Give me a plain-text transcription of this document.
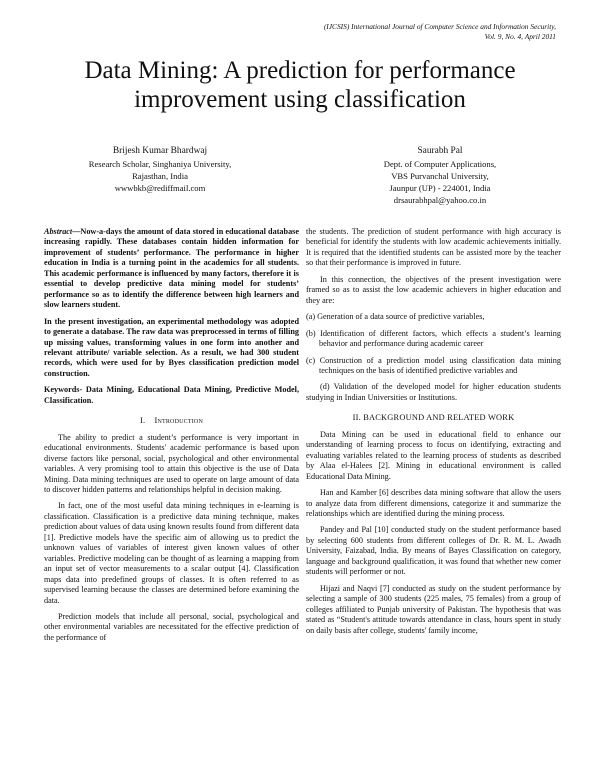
(IJCSIS) International Journal of Computer Science and Information Security,
Vol. 9, No. 4, April 2011
Data Mining: A prediction for performance
improvement using classification
Brijesh Kumar Bhardwaj
Research Scholar, Singhaniya University,
Rajasthan, India
wwwbkb@rediffmail.com
Saurabh Pal
Dept. of Computer Applications,
VBS Purvanchal University,
Jaunpur (UP) - 224001, India
drsaurabhpal@yahoo.co.in

Abstract—Now-a-days the amount of data stored in educational database increasing rapidly. These databases contain hidden information for improvement of students’ performance. The performance in higher education in India is a turning point in the academics for all students. This academic performance is influenced by many factors, therefore it is essential to develop predictive data mining model for students’ performance so as to identify the difference between high learners and slow learners student.

In the present investigation, an experimental methodology was adopted to generate a database. The raw data was preprocessed in terms of filling up missing values, transforming values in one form into another and relevant attribute/ variable selection. As a result, we had 300 student records, which were used for by Byes classification prediction model construction.

Keywords- Data Mining, Educational Data Mining, Predictive Model, Classification.

I. Introduction

The ability to predict a student’s performance is very important in educational environments. Students' academic performance is based upon diverse factors like personal, social, psychological and other environmental variables. A very promising tool to attain this objective is the use of Data Mining. Data mining techniques are used to operate on large amount of data to discover hidden patterns and relationships helpful in decision making.

In fact, one of the most useful data mining techniques in e-learning is classification. Classification is a predictive data mining technique, makes prediction about values of data using known results found from different data [1]. Predictive models have the specific aim of allowing us to predict the unknown values of variables of interest given known values of other variables. Predictive modeling can be thought of as learning a mapping from an input set of vector measurements to a scalar output [4]. Classification maps data into predefined groups of classes. It is often referred to as supervised learning because the classes are determined before examining the data.

Prediction models that include all personal, social, psychological and other environmental variables are necessitated for the effective prediction of the performance of

the students. The prediction of student performance with high accuracy is beneficial for identify the students with low academic achievements initially. It is required that the identified students can be assisted more by the teacher so that their performance is improved in future.

In this connection, the objectives of the present investigation were framed so as to assist the low academic achievers in higher education and they are:

(a) Generation of a data source of predictive variables,

(b) Identification of different factors, which effects a student’s learning behavior and performance during academic career

(c) Construction of a prediction model using classification data mining techniques on the basis of identified predictive variables and

(d) Validation of the developed model for higher education students studying in Indian Universities or Institutions.

II. BACKGROUND AND RELATED WORK

Data Mining can be used in educational field to enhance our understanding of learning process to focus on identifying, extracting and evaluating variables related to the learning process of students as described by Alaa el-Halees [2]. Mining in educational environment is called Educational Data Mining.

Han and Kamber [6] describes data mining software that allow the users to analyze data from different dimensions, categorize it and summarize the relationships which are identified during the mining process.

Pandey and Pal [10] conducted study on the student performance based by selecting 600 students from different colleges of Dr. R. M. L. Awadh University, Faizabad, India. By means of Bayes Classification on category, language and background qualification, it was found that whether new comer students will performer or not.

Hijazi and Naqvi [7] conducted as study on the student performance by selecting a sample of 300 students (225 males, 75 females) from a group of colleges affiliated to Punjab university of Pakistan. The hypothesis that was stated as “Student's attitude towards attendance in class, hours spent in study on daily basis after college, students' family income,
